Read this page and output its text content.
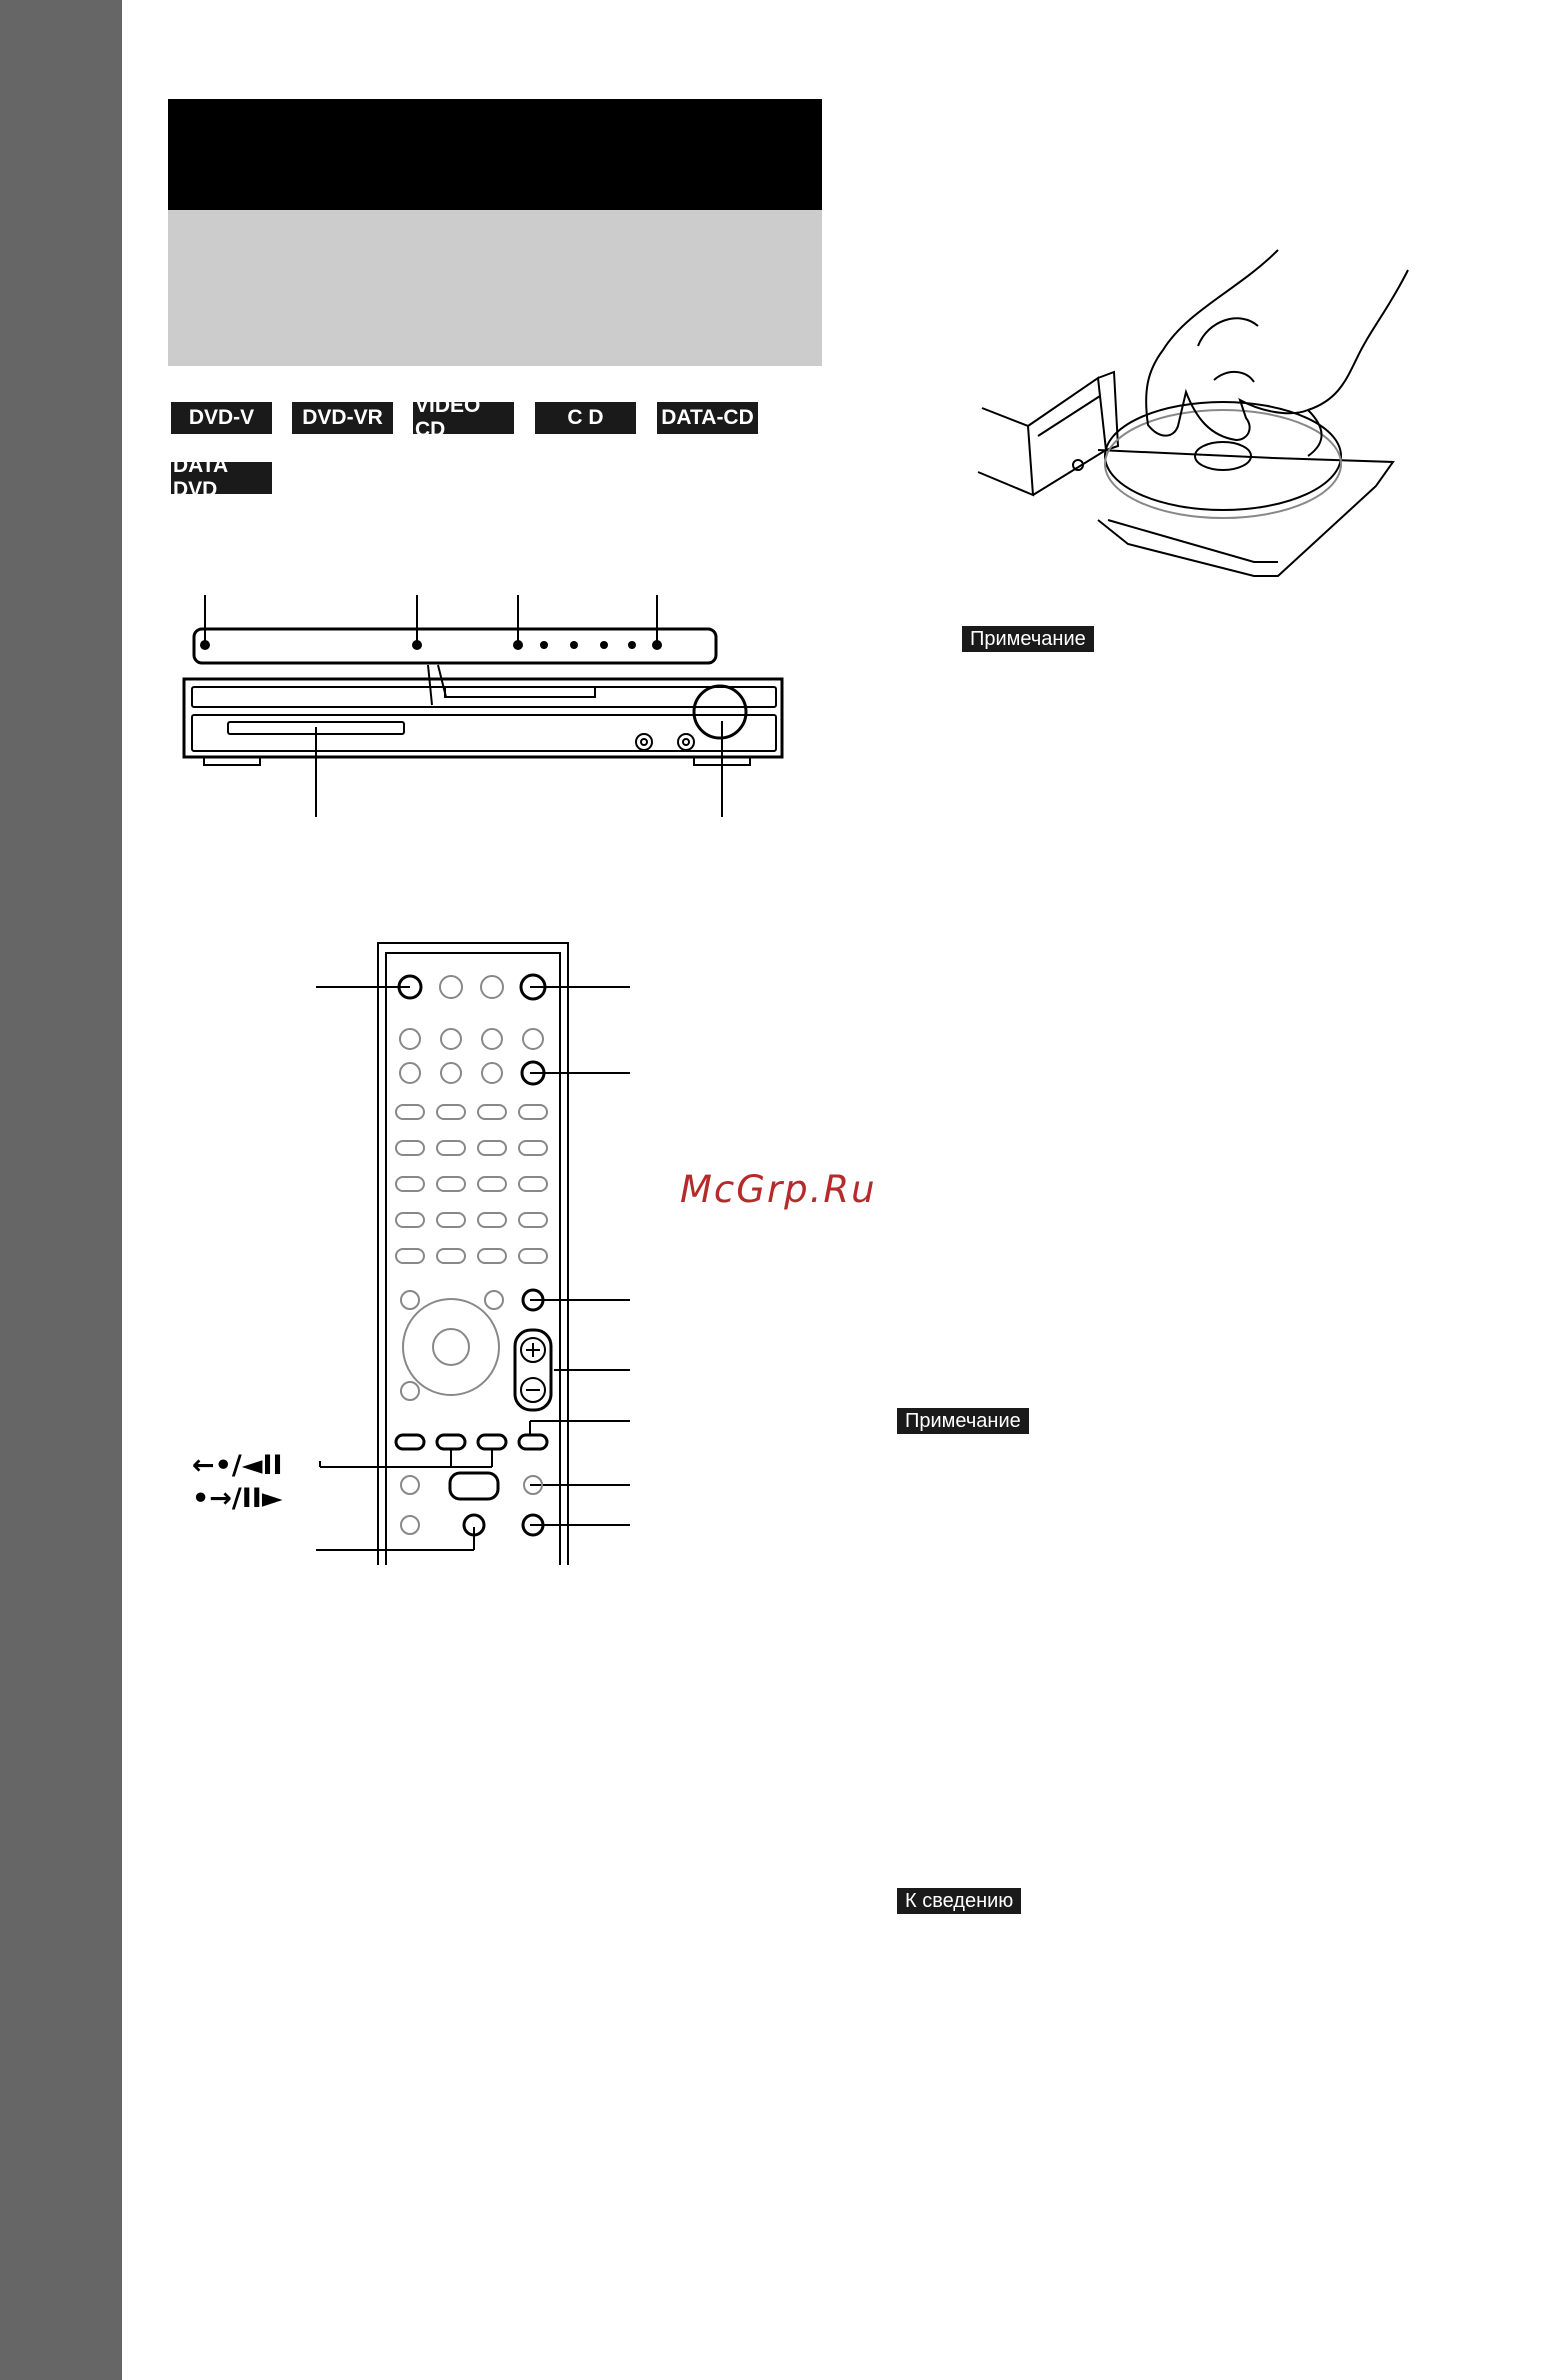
DVD-V DVD-VR
VIDEO CD
C D	DATA-CD
DATA DVD
Примечание
Примечание
К сведению
←•/◄II
•→/II►
McGrp.Ru
